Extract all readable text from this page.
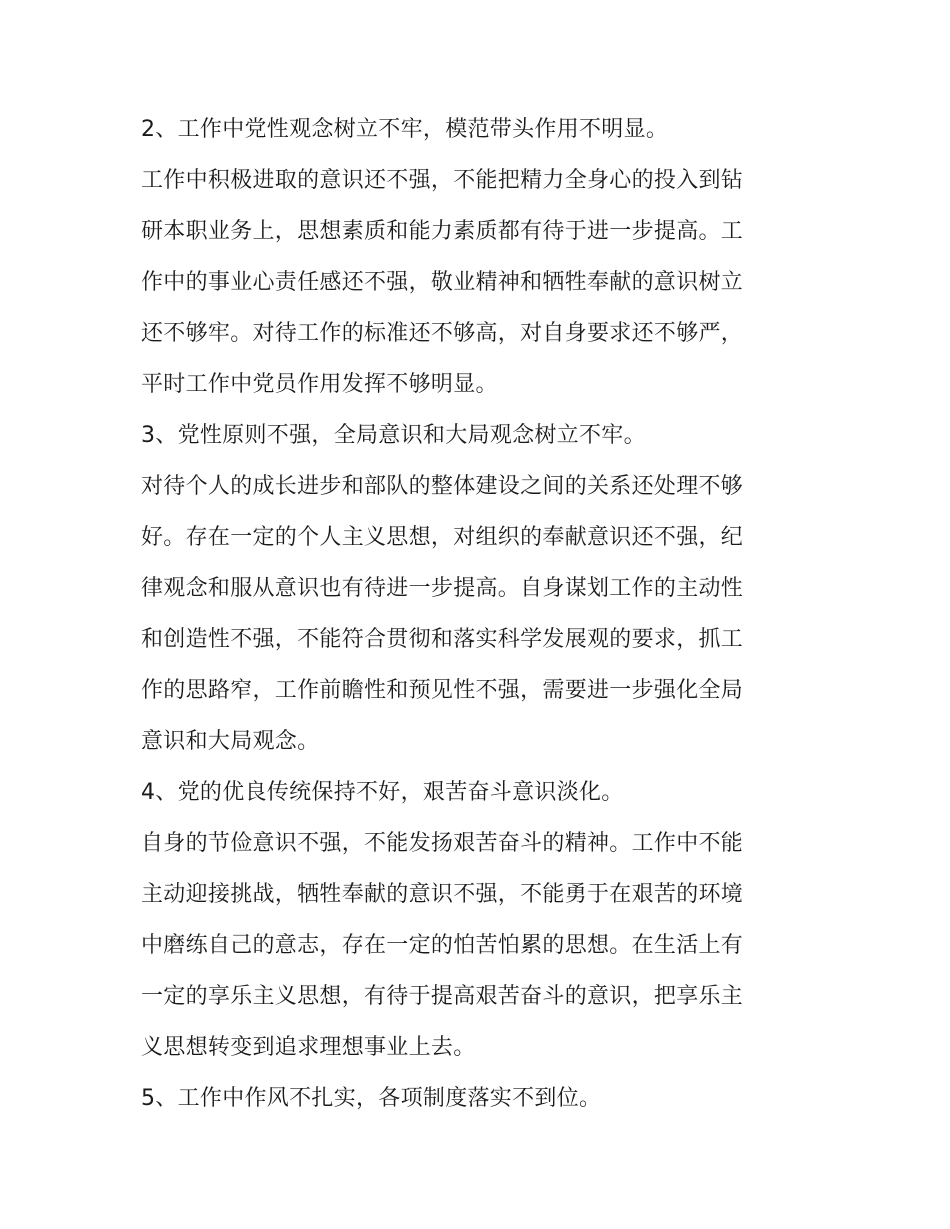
2、工作中党性观念树立不牢，模范带头作用不明显。
工作中积极进取的意识还不强，不能把精力全身心的投入到钻
研本职业务上，思想素质和能力素质都有待于进一步提高。工
作中的事业心责任感还不强，敬业精神和牺牲奉献的意识树立
还不够牢。对待工作的标准还不够高，对自身要求还不够严，
平时工作中党员作用发挥不够明显。
3、党性原则不强，全局意识和大局观念树立不牢。
对待个人的成长进步和部队的整体建设之间的关系还处理不够
好。存在一定的个人主义思想，对组织的奉献意识还不强，纪
律观念和服从意识也有待进一步提高。自身谋划工作的主动性
和创造性不强，不能符合贯彻和落实科学发展观的要求，抓工
作的思路窄，工作前瞻性和预见性不强，需要进一步强化全局
意识和大局观念。
4、党的优良传统保持不好，艰苦奋斗意识淡化。
自身的节俭意识不强，不能发扬艰苦奋斗的精神。工作中不能
主动迎接挑战，牺牲奉献的意识不强，不能勇于在艰苦的环境
中磨练自己的意志，存在一定的怕苦怕累的思想。在生活上有
一定的享乐主义思想，有待于提高艰苦奋斗的意识，把享乐主
义思想转变到追求理想事业上去。
5、工作中作风不扎实，各项制度落实不到位。
